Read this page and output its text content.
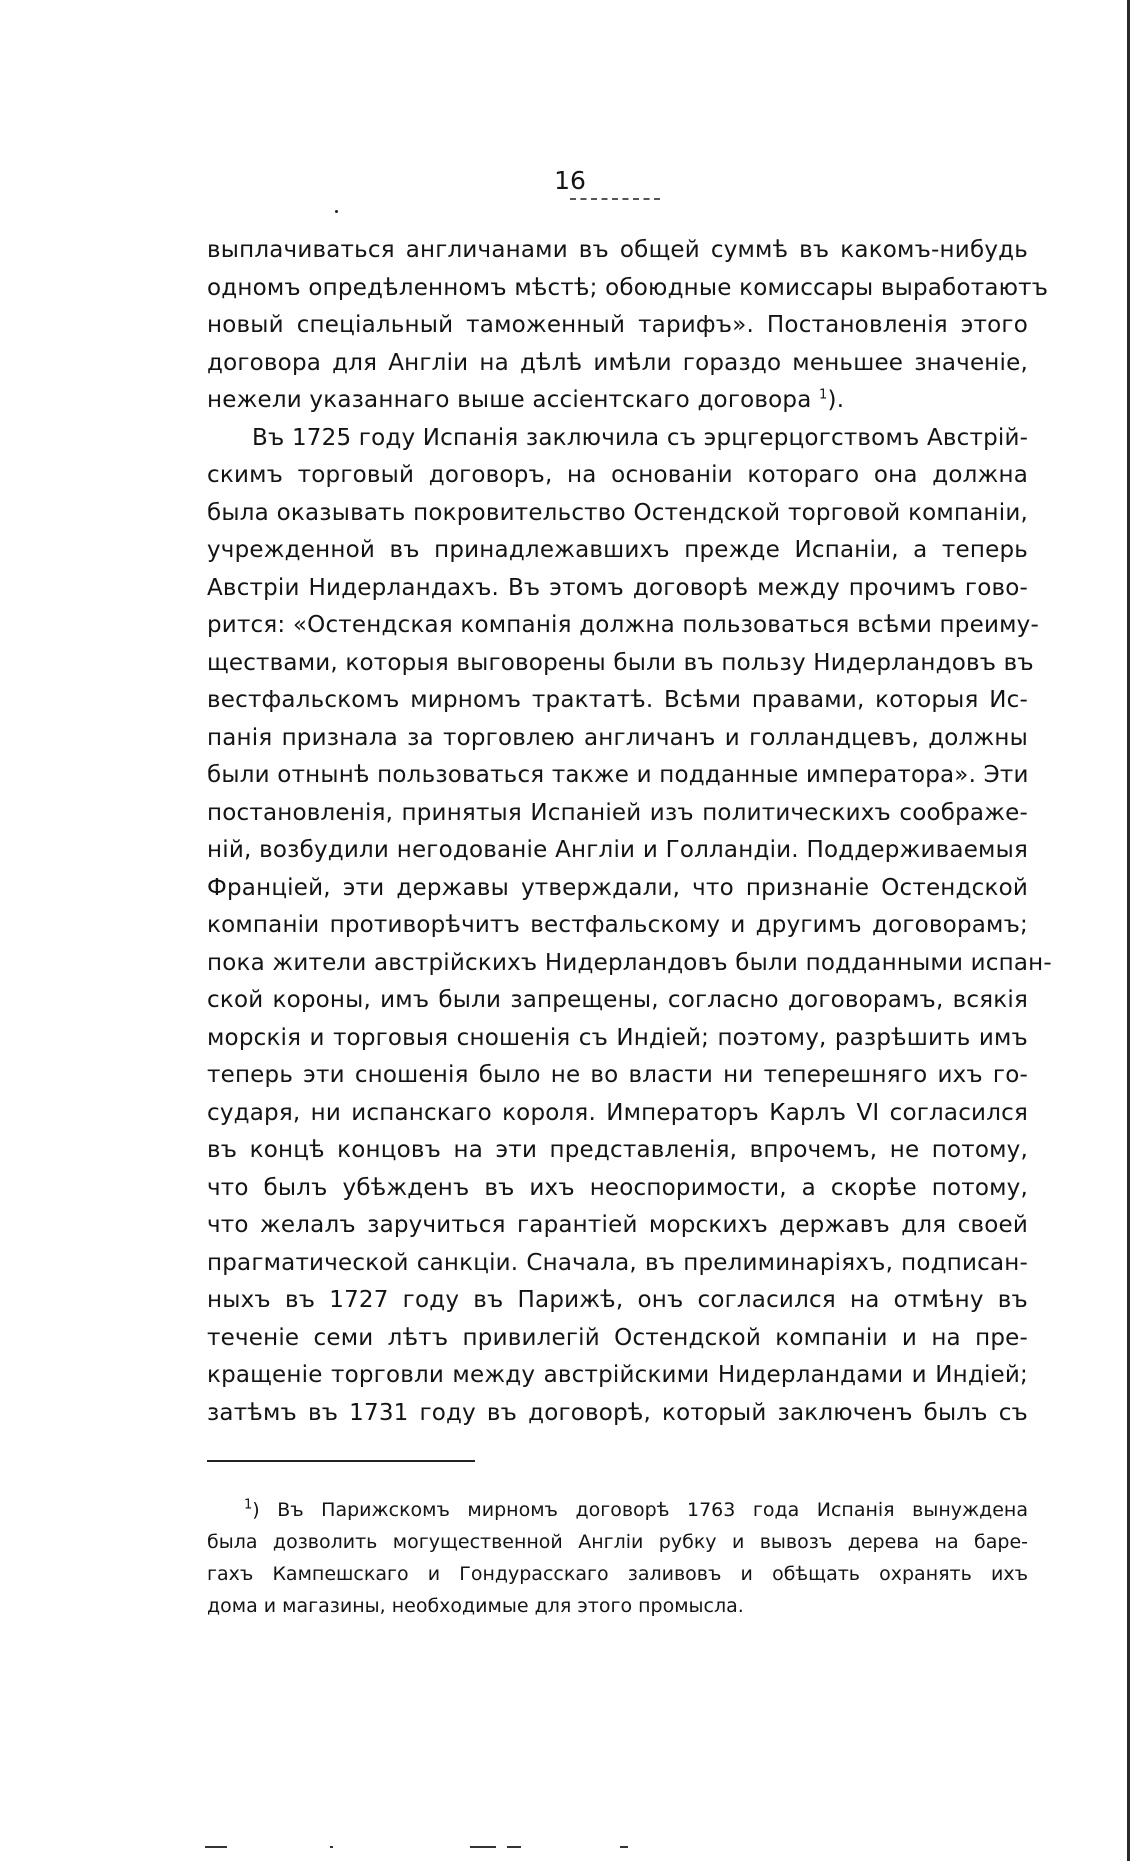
16
выплачиваться англичанами въ общей суммѣ въ какомъ-нибудь
одномъ опредѣленномъ мѣстѣ; обоюдные комиссары выработаютъ
новый спеціальный таможенный тарифъ». Постановленія этого
договора для Англіи на дѣлѣ имѣли гораздо меньшее значеніе,
нежели указаннаго выше ассіентскаго договора $^1$).
Въ 1725 году Испанія заключила съ эрцгерцогствомъ Австрій-
скимъ торговый договоръ, на основаніи котораго она должна
была оказывать покровительство Остендской торговой компаніи,
учрежденной въ принадлежавшихъ прежде Испаніи, а теперь
Австріи Нидерландахъ. Въ этомъ договорѣ между прочимъ гово-
рится: «Остендская компанія должна пользоваться всѣми преиму-
ществами, которыя выговорены были въ пользу Нидерландовъ въ
вестфальскомъ мирномъ трактатѣ. Всѣми правами, которыя Ис-
панія признала за торговлею англичанъ и голландцевъ, должны
были отнынѣ пользоваться также и подданные императора». Эти
постановленія, принятыя Испаніей изъ политическихъ соображе-
ній, возбудили негодованіе Англіи и Голландіи. Поддерживаемыя
Франціей, эти державы утверждали, что признаніе Остендской
компаніи противорѣчитъ вестфальскому и другимъ договорамъ;
пока жители австрійскихъ Нидерландовъ были подданными испан-
ской короны, имъ были запрещены, согласно договорамъ, всякія
морскія и торговыя сношенія съ Индіей; поэтому, разрѣшить имъ
теперь эти сношенія было не во власти ни теперешняго ихъ го-
сударя, ни испанскаго короля. Императоръ Карлъ VI согласился
въ концѣ концовъ на эти представленія, впрочемъ, не потому,
что былъ убѣжденъ въ ихъ неоспоримости, а скорѣе потому,
что желалъ заручиться гарантіей морскихъ державъ для своей
прагматической санкціи. Сначала, въ прелиминаріяхъ, подписан-
ныхъ въ 1727 году въ Парижѣ, онъ согласился на отмѣну въ
теченіе семи лѣтъ привилегій Остендской компаніи и на пре-
кращеніе торговли между австрійскими Нидерландами и Индіей;
затѣмъ въ 1731 году въ договорѣ, который заключенъ былъ съ
$^1$) Въ Парижскомъ мирномъ договорѣ 1763 года Испанія вынуждена
была дозволить могущественной Англіи рубку и вывозъ дерева на баре-
гахъ Кампешскаго и Гондурасскаго заливовъ и обѣщать охранять ихъ
дома и магазины, необходимые для этого промысла.
